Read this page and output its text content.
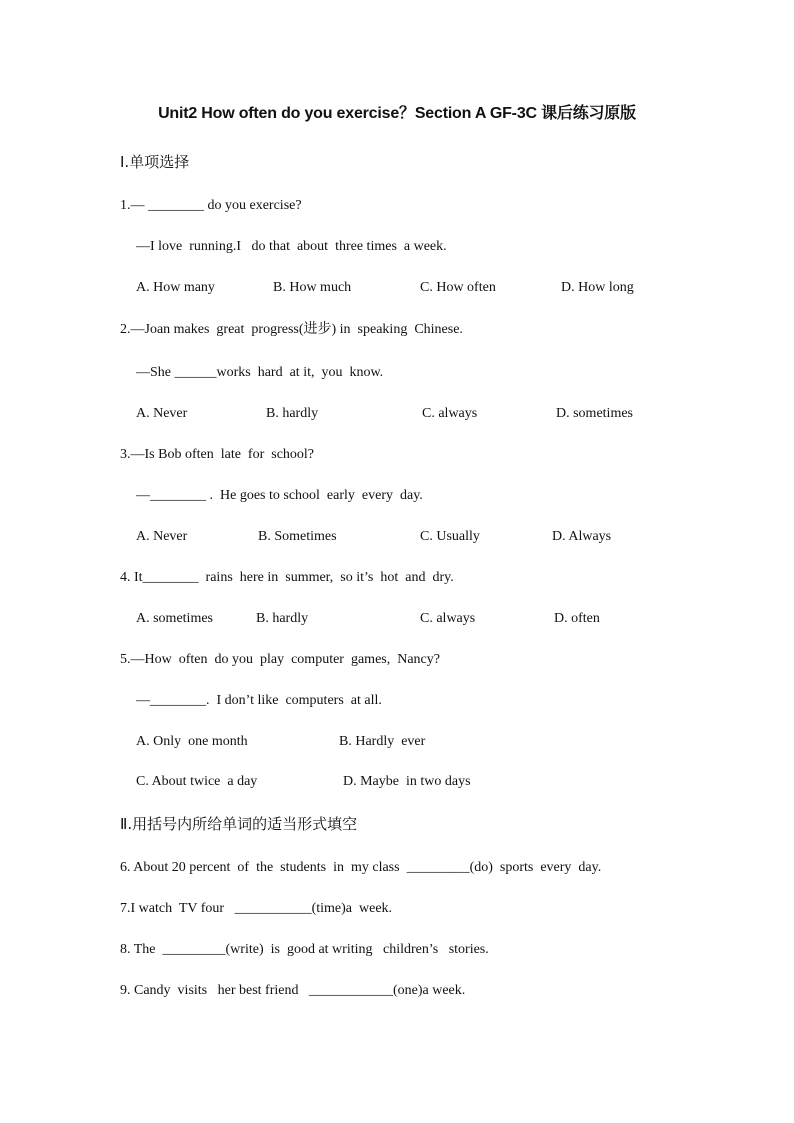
Unit2 How often do you exercise？Section A GF-3C 课后练习原版
Ⅰ.单项选择
1.— ________ do you exercise?
—I love  running.I   do that  about  three times  a week.
A. How many	B. How much	C. How often	D. How long
2.—Joan makes  great  progress(进步) in  speaking  Chinese.
—She ______works  hard  at it,  you  know.
A. Never	B. hardly	C. always	D. sometimes
3.—Is Bob often  late  for  school?
—________ .  He goes to school  early  every  day.
A. Never	B. Sometimes	C. Usually	D. Always
4. It________  rains  here in  summer,  so it’s  hot  and  dry.
A. sometimes	B. hardly	C. always	D. often
5.—How  often  do you  play  computer  games,  Nancy?
—________.  I don’t like  computers  at all.
A. Only  one month	B. Hardly  ever
C. About twice  a day	D. Maybe  in two days
Ⅱ.用括号内所给单词的适当形式填空
6. About 20 percent  of  the  students  in  my class  _________(do)  sports  every  day.
7.I watch  TV four   ___________(time)a  week.
8. The  _________(write)  is  good at writing   children’s   stories.
9. Candy  visits   her best friend   ____________(one)a week.
